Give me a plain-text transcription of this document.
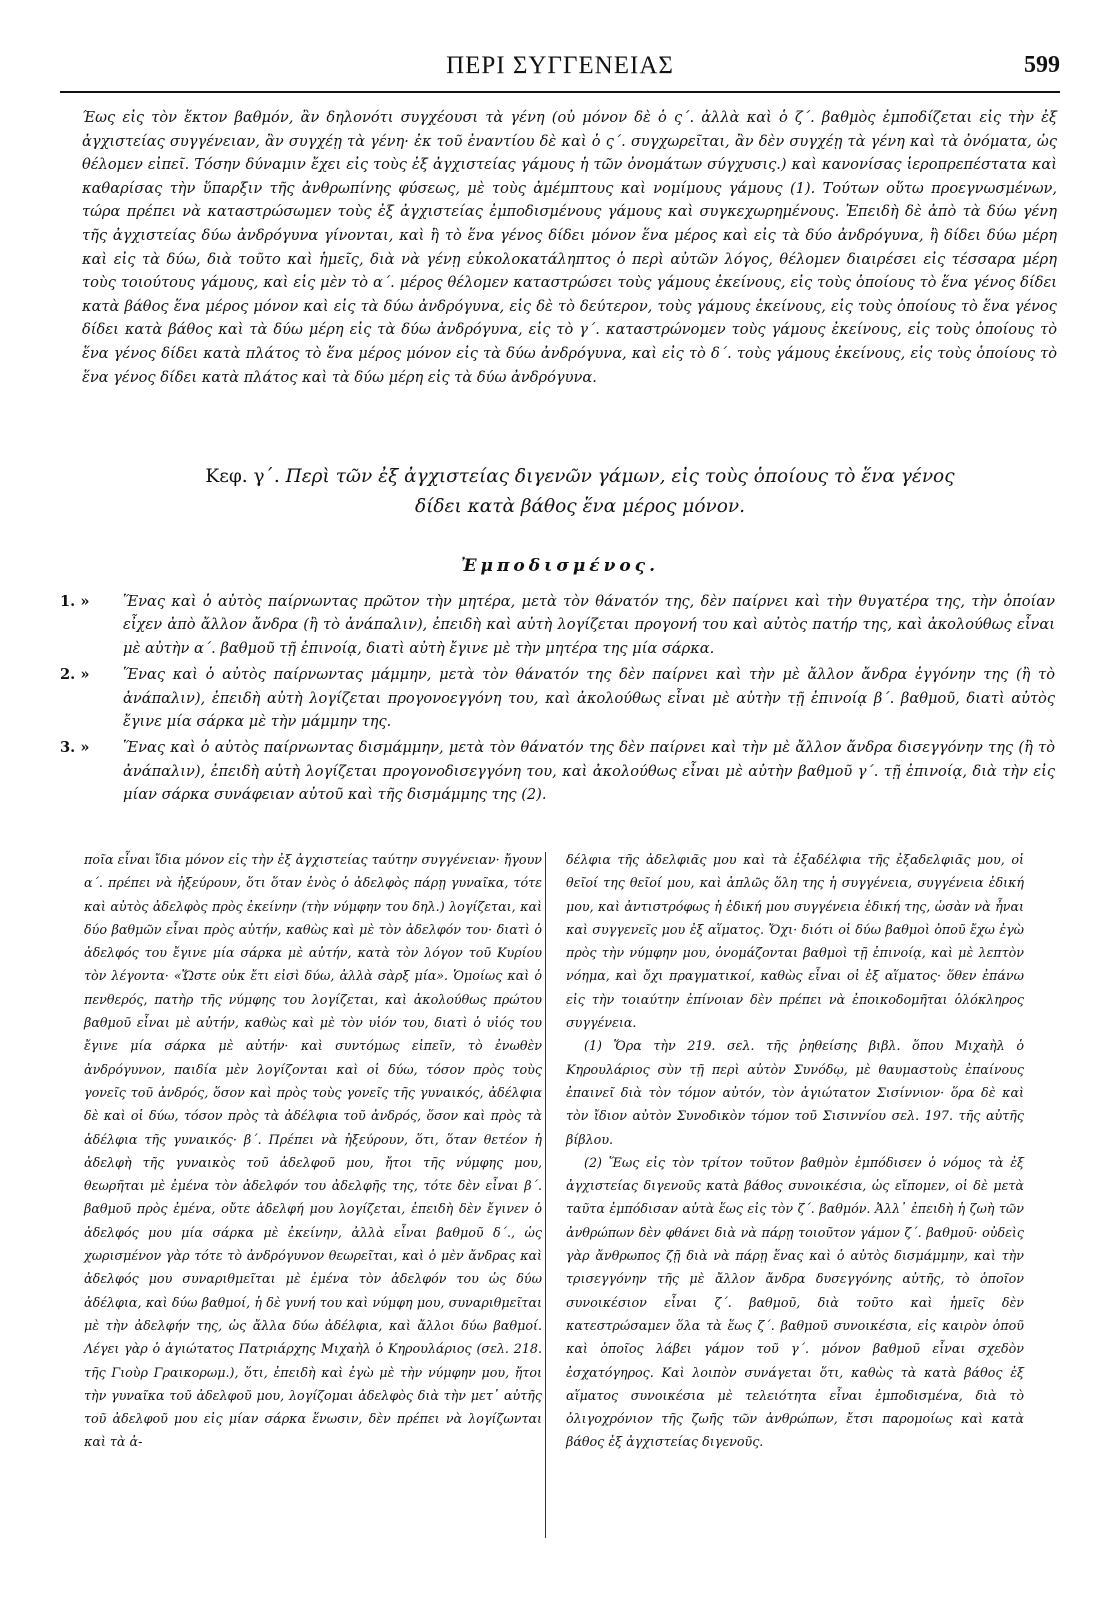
ΠΕΡΙ ΣΥΓΓΕΝΕΙΑΣ	599
Έως εἰς τὸν ἕκτον βαθμόν, ἂν δηλονότι συγχέουσι τὰ γένη (οὐ μόνον δὲ ὁ ς΄. ἀλλὰ καὶ ὁ ζ΄. βαθμὸς ἐμποδίζεται εἰς τὴν ἐξ ἀγχιστείας συγγένειαν, ἂν συγχέῃ τὰ γένη· ἐκ τοῦ ἐναντίου δὲ καὶ ὁ ς΄. συγχωρεῖται, ἂν δὲν συγχέῃ τὰ γένη καὶ τὰ ὀνόματα, ὡς θέλομεν εἰπεῖ. Τόσην δύναμιν ἔχει εἰς τοὺς ἐξ ἀγχιστείας γάμους ἡ τῶν ὀνομάτων σύγχυσις.) καὶ κανονίσας ἱεροπρεπέστατα καὶ καθαρίσας τὴν ὕπαρξιν τῆς ἀνθρωπίνης φύσεως, μὲ τοὺς ἀμέμπτους καὶ νομίμους γάμους (1). Τούτων οὕτω προεγνωσμένων, τώρα πρέπει νὰ καταστρώσωμεν τοὺς ἐξ ἀγχιστείας ἐμποδισμένους γάμους καὶ συγκεχωρημένους. Ἐπειδὴ δὲ ἀπὸ τὰ δύω γένη τῆς ἀγχιστείας δύω ἀνδρόγυνα γίνονται, καὶ ἢ τὸ ἕνα γένος δίδει μόνον ἕνα μέρος καὶ εἰς τὰ δύο ἀνδρόγυνα, ἢ δίδει δύω μέρη καὶ εἰς τὰ δύω, διὰ τοῦτο καὶ ἡμεῖς, διὰ νὰ γένῃ εὐκολοκατάληπτος ὁ περὶ αὐτῶν λόγος, θέλομεν διαιρέσει εἰς τέσσαρα μέρη τοὺς τοιούτους γάμους, καὶ εἰς μὲν τὸ α΄. μέρος θέλομεν καταστρώσει τοὺς γάμους ἐκείνους, εἰς τοὺς ὁποίους τὸ ἕνα γένος δίδει κατὰ βάθος ἕνα μέρος μόνον καὶ εἰς τὰ δύω ἀνδρόγυνα, εἰς δὲ τὸ δεύτερον, τοὺς γάμους ἐκείνους, εἰς τοὺς ὁποίους τὸ ἕνα γένος δίδει κατὰ βάθος καὶ τὰ δύω μέρη εἰς τὰ δύω ἀνδρόγυνα, εἰς τὸ γ΄. καταστρώνομεν τοὺς γάμους ἐκείνους, εἰς τοὺς ὁποίους τὸ ἕνα γένος δίδει κατὰ πλάτος τὸ ἕνα μέρος μόνον εἰς τὰ δύω ἀνδρόγυνα, καὶ εἰς τὸ δ΄. τοὺς γάμους ἐκείνους, εἰς τοὺς ὁποίους τὸ ἕνα γένος δίδει κατὰ πλάτος καὶ τὰ δύω μέρη εἰς τὰ δύω ἀνδρόγυνα.
Κεφ. γ΄. Περὶ τῶν ἐξ ἀγχιστείας διγενῶν γάμων, εἰς τοὺς ὁποίους τὸ ἕνα γένος
δίδει κατὰ βάθος ἕνα μέρος μόνον.
Ἐμποδισμένος.
1. »	Ἕνας καὶ ὁ αὐτὸς παίρνωντας πρῶτον τὴν μητέρα, μετὰ τὸν θάνατόν της, δὲν παίρνει καὶ τὴν θυγατέρα της, τὴν ὁποίαν εἶχεν ἀπὸ ἄλλον ἄνδρα (ἢ τὸ ἀνάπαλιν), ἐπειδὴ καὶ αὐτὴ λογίζεται προγονή του καὶ αὐτὸς πατήρ της, καὶ ἀκολούθως εἶναι μὲ αὐτὴν α΄. βαθμοῦ τῇ ἐπινοίᾳ, διατὶ αὐτὴ ἔγινε μὲ τὴν μητέρα της μία σάρκα.
2. »	Ἕνας καὶ ὁ αὐτὸς παίρνωντας μάμμην, μετὰ τὸν θάνατόν της δὲν παίρνει καὶ τὴν μὲ ἄλλον ἄνδρα ἐγγόνην της (ἢ τὸ ἀνάπαλιν), ἐπειδὴ αὐτὴ λογίζεται προγονοεγγόνη του, καὶ ἀκολούθως εἶναι μὲ αὐτὴν τῇ ἐπινοίᾳ β΄. βαθμοῦ, διατὶ αὐτὸς ἔγινε μία σάρκα μὲ τὴν μάμμην της.
3. »	Ἕνας καὶ ὁ αὐτὸς παίρνωντας δισμάμμην, μετὰ τὸν θάνατόν της δὲν παίρνει καὶ τὴν μὲ ἄλλον ἄνδρα δισεγγόνην της (ἢ τὸ ἀνάπαλιν), ἐπειδὴ αὐτὴ λογίζεται προγονοδισεγγόνη του, καὶ ἀκολούθως εἶναι μὲ αὐτὴν βαθμοῦ γ΄. τῇ ἐπινοίᾳ, διὰ τὴν εἰς μίαν σάρκα συνάφειαν αὐτοῦ καὶ τῆς δισμάμμης της (2).

ποῖα εἶναι ἴδια μόνον εἰς τὴν ἐξ ἀγχιστείας ταύτην συγγένειαν· ἤγουν α΄. πρέπει νὰ ἠξεύρουν, ὅτι ὅταν ἑνὸς ὁ ἀδελφὸς πάρῃ γυναῖκα, τότε καὶ αὐτὸς ἀδελφὸς πρὸς ἐκείνην (τὴν νύμφην του δηλ.) λογίζεται, καὶ δύο βαθμῶν εἶναι πρὸς αὐτήν, καθὼς καὶ μὲ τὸν ἀδελφόν του· διατὶ ὁ ἀδελφός του ἔγινε μία σάρκα μὲ αὐτήν, κατὰ τὸν λόγον τοῦ Κυρίου τὸν λέγοντα· «Ὥστε οὐκ ἔτι εἰσὶ δύω, ἀλλὰ σὰρξ μία». Ὁμοίως καὶ ὁ πενθερός, πατὴρ τῆς νύμφης του λογίζεται, καὶ ἀκολούθως πρώτου βαθμοῦ εἶναι μὲ αὐτήν, καθὼς καὶ μὲ τὸν υἱόν του, διατὶ ὁ υἱός του ἔγινε μία σάρκα μὲ αὐτήν· καὶ συντόμως εἰπεῖν, τὸ ἐνωθὲν ἀνδρόγυνον, παιδία μὲν λογίζονται καὶ οἱ δύω, τόσον πρὸς τοὺς γονεῖς τοῦ ἀνδρός, ὅσον καὶ πρὸς τοὺς γονεῖς τῆς γυναικός, ἀδέλφια δὲ καὶ οἱ δύω, τόσον πρὸς τὰ ἀδέλφια τοῦ ἀνδρός, ὅσον καὶ πρὸς τὰ ἀδέλφια τῆς γυναικός· β΄. Πρέπει νὰ ἠξεύρουν, ὅτι, ὅταν θετέον ἡ ἀδελφὴ τῆς γυναικὸς τοῦ ἀδελφοῦ μου, ἤτοι τῆς νύμφης μου, θεωρῆται μὲ ἐμένα τὸν ἀδελφόν του ἀδελφῆς της, τότε δὲν εἶναι β΄. βαθμοῦ πρὸς ἐμένα, οὔτε ἀδελφή μου λογίζεται, ἐπειδὴ δὲν ἔγινεν ὁ ἀδελφός μου μία σάρκα μὲ ἐκείνην, ἀλλὰ εἶναι βαθμοῦ δ΄., ὡς χωρισμένον γὰρ τότε τὸ ἀνδρόγυνον θεωρεῖται, καὶ ὁ μὲν ἄνδρας καὶ ἀδελφός μου συναριθμεῖται μὲ ἐμένα τὸν ἀδελφόν του ὡς δύω ἀδέλφια, καὶ δύω βαθμοί, ἡ δὲ γυνή του καὶ νύμφη μου, συναριθμεῖται μὲ τὴν ἀδελφήν της, ὡς ἄλλα δύω ἀδέλφια, καὶ ἄλλοι δύω βαθμοί. Λέγει γὰρ ὁ ἁγιώτατος Πατριάρχης Μιχαὴλ ὁ Κηρουλάριος (σελ. 218. τῆς Γιοὺρ Γραικορωμ.), ὅτι, ἐπειδὴ καὶ ἐγὼ μὲ τὴν νύμφην μου, ἤτοι τὴν γυναῖκα τοῦ ἀδελφοῦ μου, λογίζομαι ἀδελφὸς διὰ τὴν μετ᾽ αὐτῆς τοῦ ἀδελφοῦ μου εἰς μίαν σάρκα ἕνωσιν, δὲν πρέπει νὰ λογίζωνται καὶ τὰ ἀ-

δέλφια τῆς ἀδελφιᾶς μου καὶ τὰ ἐξαδέλφια τῆς ἐξαδελφιᾶς μου, οἱ θεῖοί της θεῖοί μου, καὶ ἁπλῶς ὅλη της ἡ συγγένεια, συγγένεια ἐδική μου, καὶ ἀντιστρόφως ἡ ἐδική μου συγγένεια ἐδική της, ὡσὰν νὰ ἦναι καὶ συγγενεῖς μου ἐξ αἵματος. Ὄχι· διότι οἱ δύω βαθμοὶ ὁποῦ ἔχω ἐγὼ πρὸς τὴν νύμφην μου, ὀνομάζονται βαθμοὶ τῇ ἐπινοίᾳ, καὶ μὲ λεπτὸν νόημα, καὶ ὄχι πραγματικοί, καθὼς εἶναι οἱ ἐξ αἵματος· ὅθεν ἐπάνω εἰς τὴν τοιαύτην ἐπίνοιαν δὲν πρέπει νὰ ἐποικοδομῆται ὁλόκληρος συγγένεια.

(1) Ὅρα τὴν 219. σελ. τῆς ῥηθείσης βιβλ. ὅπου Μιχαὴλ ὁ Κηρουλάριος σὺν τῇ περὶ αὐτὸν Συνόδῳ, μὲ θαυμαστοὺς ἐπαίνους ἐπαινεῖ διὰ τὸν τόμον αὐτόν, τὸν ἁγιώτατον Σισίννιον· ὅρα δὲ καὶ τὸν ἴδιον αὐτὸν Συνοδικὸν τόμον τοῦ Σισιννίου σελ. 197. τῆς αὐτῆς βίβλου.

(2) Ἕως εἰς τὸν τρίτον τοῦτον βαθμὸν ἐμπόδισεν ὁ νόμος τὰ ἐξ ἀγχιστείας διγενοῦς κατὰ βάθος συνοικέσια, ὡς εἴπομεν, οἱ δὲ μετὰ ταῦτα ἐμπόδισαν αὐτὰ ἕως εἰς τὸν ζ΄. βαθμόν. Ἀλλ᾽ ἐπειδὴ ἡ ζωὴ τῶν ἀνθρώπων δὲν φθάνει διὰ νὰ πάρῃ τοιοῦτον γάμον ζ΄. βαθμοῦ· οὐδεὶς γὰρ ἄνθρωπος ζῇ διὰ νὰ πάρῃ ἕνας καὶ ὁ αὐτὸς δισμάμμην, καὶ τὴν τρισεγγόνην τῆς μὲ ἄλλον ἄνδρα δυσεγγόνης αὐτῆς, τὸ ὁποῖον συνοικέσιον εἶναι ζ΄. βαθμοῦ, διὰ τοῦτο καὶ ἡμεῖς δὲν κατεστρώσαμεν ὅλα τὰ ἕως ζ΄. βαθμοῦ συνοικέσια, εἰς καιρὸν ὁποῦ καὶ ὁποῖος λάβει γάμον τοῦ γ΄. μόνον βαθμοῦ εἶναι σχεδὸν ἐσχατόγηρος. Καὶ λοιπὸν συνάγεται ὅτι, καθὼς τὰ κατὰ βάθος ἐξ αἵματος συνοικέσια μὲ τελειότητα εἶναι ἐμποδισμένα, διὰ τὸ ὀλιγοχρόνιον τῆς ζωῆς τῶν ἀνθρώπων, ἔτσι παρομοίως καὶ κατὰ βάθος ἐξ ἀγχιστείας διγενοῦς.
